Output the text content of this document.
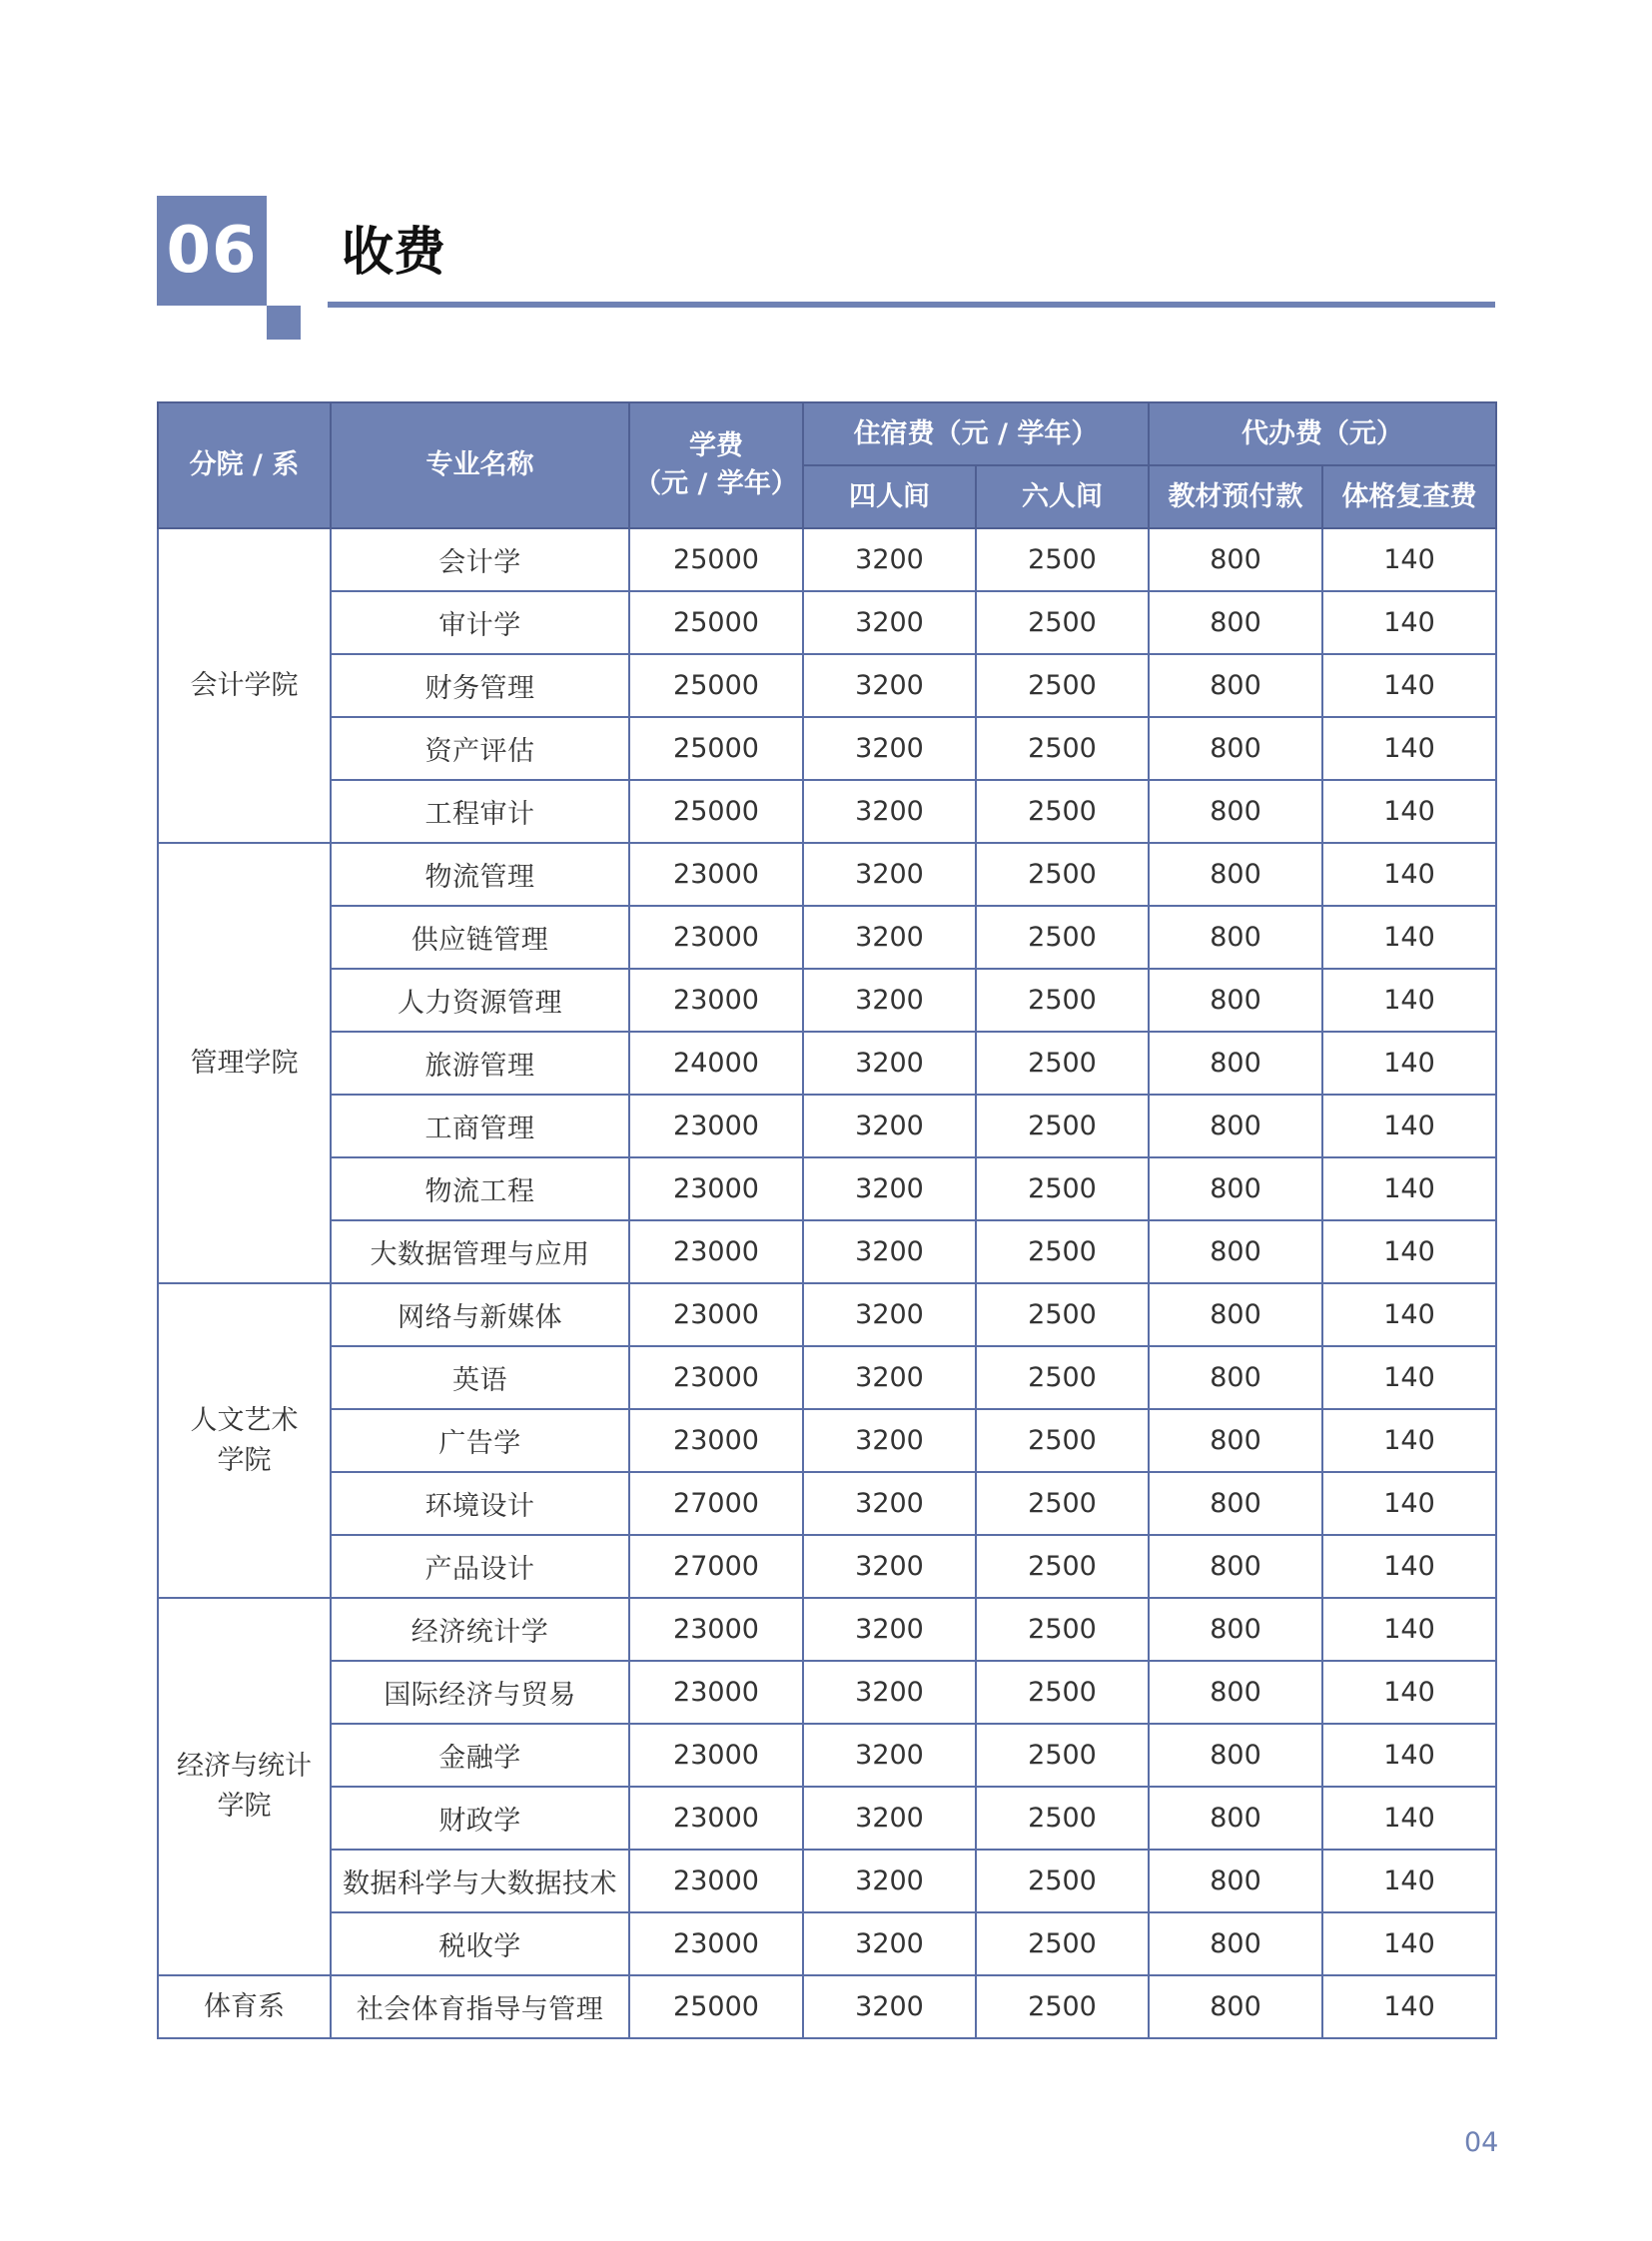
06 收费
分院 / 系	专业名称	学费
（元 / 学年）	住宿费（元 / 学年）		代办费（元）	
			四人间	六人间	教材预付款	体格复查费
会计学院	会计学	25000	3200	2500	800	140
	审计学	25000	3200	2500	800	140
	财务管理	25000	3200	2500	800	140
	资产评估	25000	3200	2500	800	140
	工程审计	25000	3200	2500	800	140
管理学院	物流管理	23000	3200	2500	800	140
	供应链管理	23000	3200	2500	800	140
	人力资源管理	23000	3200	2500	800	140
	旅游管理	24000	3200	2500	800	140
	工商管理	23000	3200	2500	800	140
	物流工程	23000	3200	2500	800	140
	大数据管理与应用	23000	3200	2500	800	140

人文艺术
学院	网络与新媒体	23000	3200	2500	800	140
	英语	23000	3200	2500	800	140
	广告学	23000	3200	2500	800	140
	环境设计	27000	3200	2500	800	140
	产品设计	27000	3200	2500	800	140

经济与统计
学院	经济统计学	23000	3200	2500	800	140
	国际经济与贸易	23000	3200	2500	800	140
	金融学	23000	3200	2500	800	140
	财政学	23000	3200	2500	800	140
	数据科学与大数据技术	23000	3200	2500	800	140
	税收学	23000	3200	2500	800	140
体育系	社会体育指导与管理	25000	3200	2500	800	140
04
